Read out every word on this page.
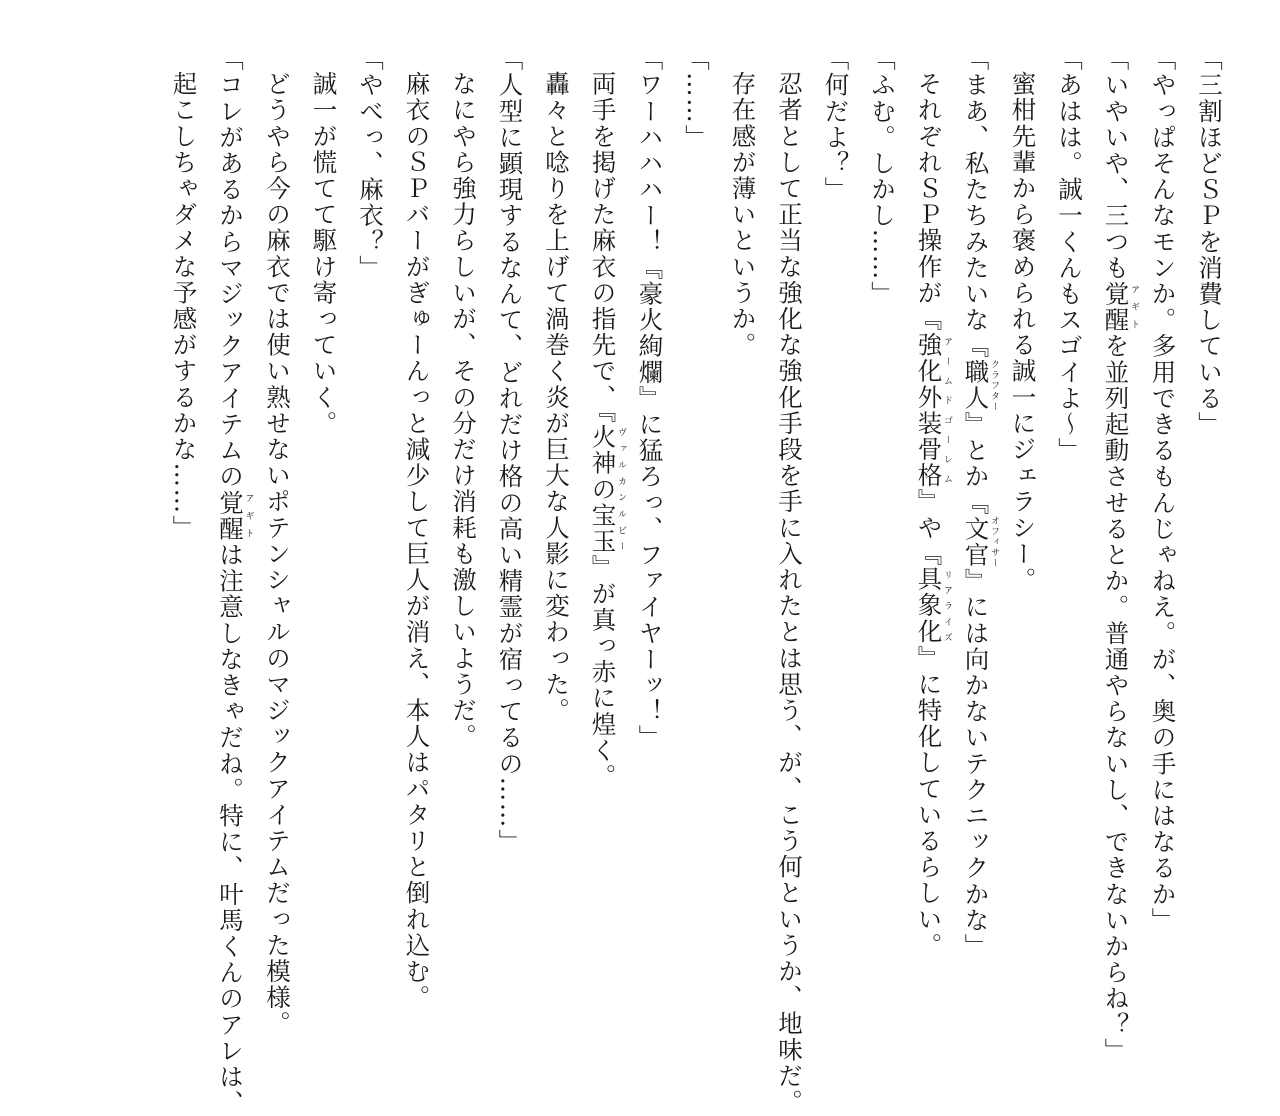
「三割ほどＳＰを消費している」

「やっぱそんなモンか。多用できるもんじゃねえ。が、奥の手にはなるか」

「いやいや、三つも覚醒アギトを並列起動させるとか。普通やらないし、できないからね？」

「あはは。誠一くんもスゴイよ～」

蜜柑先輩から褒められる誠一にジェラシー。

「まあ、私たちみたいな『職人クラフター』とか『文官オフィサー』には向かないテクニックかな」

それぞれＳＰ操作が『強化外装骨格アームドゴーレム』や『具象化リアライズ』に特化しているらしい。

「ふむ。しかし……」

「何だよ？」

忍者として正当な強化な強化手段を手に入れたとは思う、が、こう何というか、地味だ。

存在感が薄いというか。

「……」

「ワーハハハー！『豪火絢爛』に猛ろっ、ファイヤーッ！」

両手を掲げた麻衣の指先で、『火神の宝玉ヴァルカンルビー』が真っ赤に煌く。

轟々と唸りを上げて渦巻く炎が巨大な人影に変わった。

「人型に顕現するなんて、どれだけ格の高い精霊が宿ってるの……」

なにやら強力らしいが、その分だけ消耗も激しいようだ。

麻衣のＳＰバーがぎゅーんっと減少して巨人が消え、本人はパタリと倒れ込む。

「やべっ、麻衣？」

誠一が慌てて駆け寄っていく。

どうやら今の麻衣では使い熟せないポテンシャルのマジックアイテムだった模様。

「コレがあるからマジックアイテムの覚醒アギトは注意しなきゃだね。特に、叶馬くんのアレは、

起こしちゃダメな予感がするかな……」
